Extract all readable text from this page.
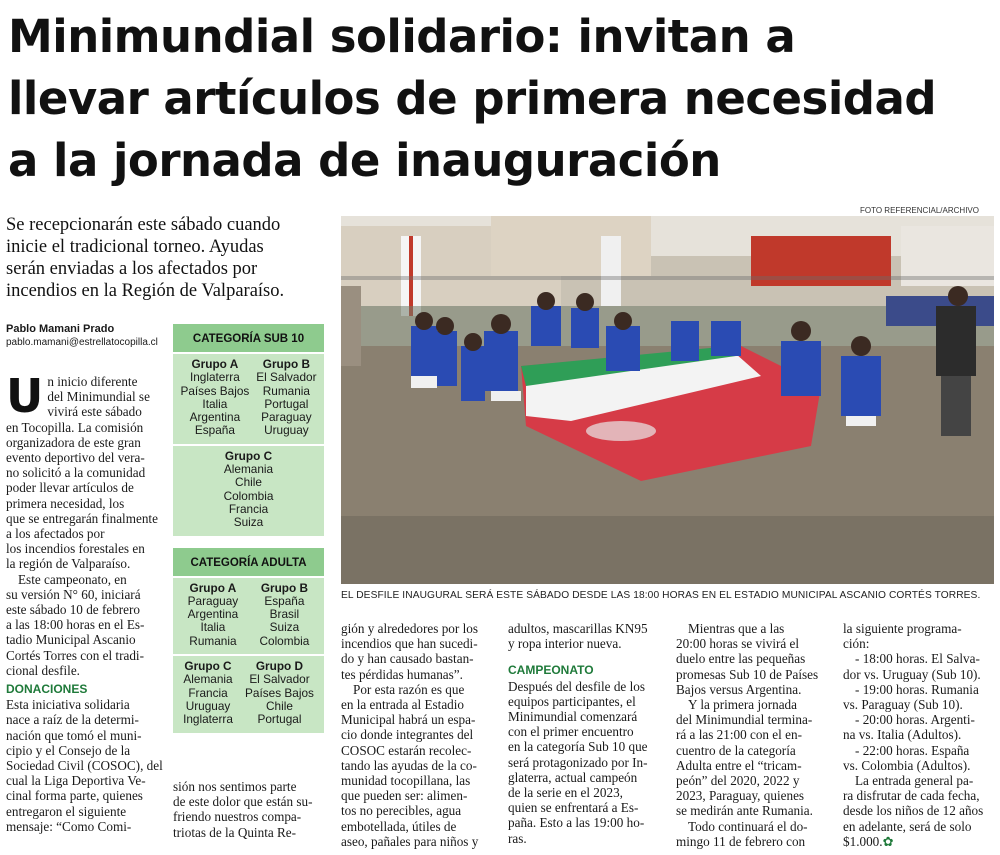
Minimundial solidario: invitan a
llevar artículos de primera necesidad
a la jornada de inauguración
Se recepcionarán este sábado cuando
inicie el tradicional torneo. Ayudas
serán enviadas a los afectados por
incendios en la Región de Valparaíso.
Pablo Mamani Prado
pablo.mamani@estrellatocopilla.cl
U n inicio diferente
del Minimundial se
vivirá este sábado
en Tocopilla. La comisión
organizadora de este gran
evento deportivo del vera-
no solicitó a la comunidad
poder llevar artículos de
primera necesidad, los
que se entregarán finalmente
a los afectados por
los incendios forestales en
la región de Valparaíso.
Este campeonato, en
su versión N° 60, iniciará
este sábado 10 de febrero
a las 18:00 horas en el Es-
tadio Municipal Ascanio
Cortés Torres con el tradi-
cional desfile.
DONACIONES
Esta iniciativa solidaria
nace a raíz de la determi-
nación que tomó el muni-
cipio y el Consejo de la
Sociedad Civil (COSOC), del
cual la Liga Deportiva Ve-
cinal forma parte, quienes
entregaron el siguiente
mensaje: “Como Comi-
CATEGORÍA SUB 10
Grupo A
Inglaterra
Países Bajos
Italia
Argentina
España
Grupo B
El Salvador
Rumania
Portugal
Paraguay
Uruguay
Grupo C
Alemania
Chile
Colombia
Francia
Suiza
CATEGORÍA ADULTA
Grupo A
Paraguay
Argentina
Italia
Rumania
Grupo B
España
Brasil
Suiza
Colombia
Grupo C
Alemania
Francia
Uruguay
Inglaterra
Grupo D
El Salvador
Países Bajos
Chile
Portugal
sión nos sentimos parte
de este dolor que están su-
friendo nuestros compa-
triotas de la Quinta Re-
FOTO REFERENCIAL/ARCHIVO
EL DESFILE INAUGURAL SERÁ ESTE SÁBADO DESDE LAS 18:00 HORAS EN EL ESTADIO MUNICIPAL ASCANIO CORTÉS TORRES.
gión y alrededores por los
incendios que han sucedi-
do y han causado bastan-
tes pérdidas humanas”.
Por esta razón es que
en la entrada al Estadio
Municipal habrá un espa-
cio donde integrantes del
COSOC estarán recolec-
tando las ayudas de la co-
munidad tocopillana, las
que pueden ser: alimen-
tos no perecibles, agua
embotellada, útiles de
aseo, pañales para niños y
adultos, mascarillas KN95
y ropa interior nueva.
CAMPEONATO
Después del desfile de los
equipos participantes, el
Minimundial comenzará
con el primer encuentro
en la categoría Sub 10 que
será protagonizado por In-
glaterra, actual campeón
de la serie en el 2023,
quien se enfrentará a Es-
paña. Esto a las 19:00 ho-
ras.
Mientras que a las
20:00 horas se vivirá el
duelo entre las pequeñas
promesas Sub 10 de Países
Bajos versus Argentina.
Y la primera jornada
del Minimundial termina-
rá a las 21:00 con el en-
cuentro de la categoría
Adulta entre el “tricam-
peón” del 2020, 2022 y
2023, Paraguay, quienes
se medirán ante Rumania.
Todo continuará el do-
mingo 11 de febrero con
la siguiente programa-
ción:
- 18:00 horas. El Salva-
dor vs. Uruguay (Sub 10).
- 19:00 horas. Rumania
vs. Paraguay (Sub 10).
- 20:00 horas. Argenti-
na vs. Italia (Adultos).
- 22:00 horas. España
vs. Colombia (Adultos).
La entrada general pa-
ra disfrutar de cada fecha,
desde los niños de 12 años
en adelante, será de solo
$1.000.✿
